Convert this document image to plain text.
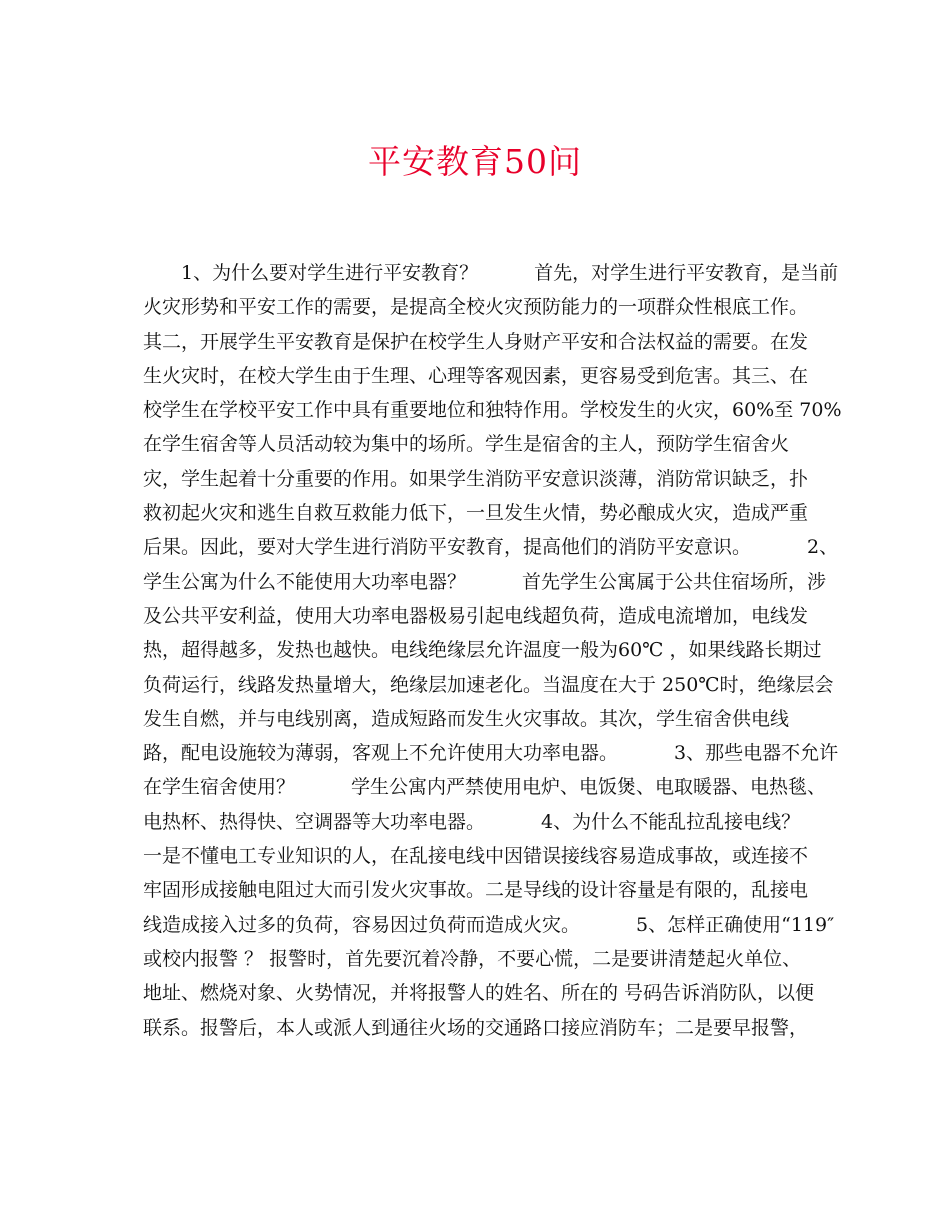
平安教育50问
1、为什么要对学生进行平安教育？	首先，对学生进行平安教育，是当前
火灾形势和平安工作的需要，是提高全校火灾预防能力的一项群众性根底工作。
其二，开展学生平安教育是保护在校学生人身财产平安和合法权益的需要。在发
生火灾时，在校大学生由于生理、心理等客观因素，更容易受到危害。其三、在
校学生在学校平安工作中具有重要地位和独特作用。学校发生的火灾，60%至 70%
在学生宿舍等人员活动较为集中的场所。学生是宿舍的主人，预防学生宿舍火
灾，学生起着十分重要的作用。如果学生消防平安意识淡薄，消防常识缺乏，扑
救初起火灾和逃生自救互救能力低下，一旦发生火情，势必酿成火灾，造成严重
后果。因此，要对大学生进行消防平安教育，提高他们的消防平安意识。	2、
学生公寓为什么不能使用大功率电器？	首先学生公寓属于公共住宿场所，涉
及公共平安利益，使用大功率电器极易引起电线超负荷，造成电流增加，电线发
热，超得越多，发热也越快。电线绝缘层允许温度一般为60℃ ，如果线路长期过
负荷运行，线路发热量增大，绝缘层加速老化。当温度在大于 250℃时，绝缘层会
发生自燃，并与电线别离，造成短路而发生火灾事故。其次，学生宿舍供电线
路，配电设施较为薄弱，客观上不允许使用大功率电器。	3、那些电器不允许
在学生宿舍使用？	学生公寓内严禁使用电炉、电饭煲、电取暖器、电热毯、
电热杯、热得快、空调器等大功率电器。	4、为什么不能乱拉乱接电线？
一是不懂电工专业知识的人，在乱接电线中因错误接线容易造成事故，或连接不
牢固形成接触电阻过大而引发火灾事故。二是导线的设计容量是有限的，乱接电
线造成接入过多的负荷，容易因过负荷而造成火灾。	5、怎样正确使用“119″
或校内报警 ？ 报警时，首先要沉着冷静，不要心慌，二是要讲清楚起火单位、
地址、燃烧对象、火势情况，并将报警人的姓名、所在的 号码告诉消防队，以便
联系。报警后，本人或派人到通往火场的交通路口接应消防车；二是要早报警，
